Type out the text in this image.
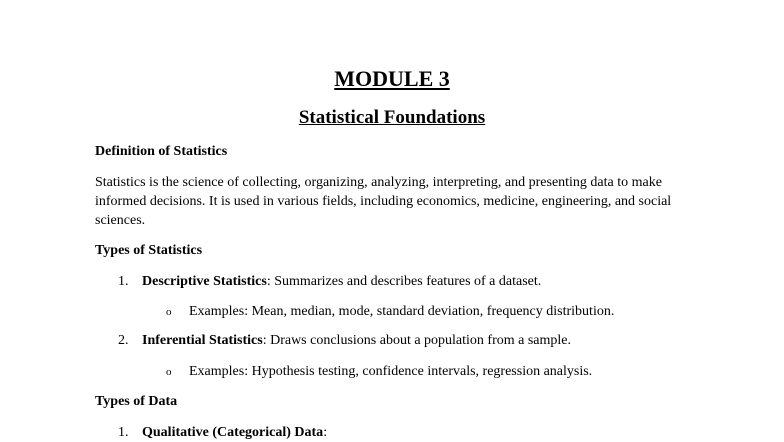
MODULE 3
Statistical Foundations
Definition of Statistics
Statistics is the science of collecting, organizing, analyzing, interpreting, and presenting data to make informed decisions. It is used in various fields, including economics, medicine, engineering, and social sciences.
Types of Statistics
1. Descriptive Statistics: Summarizes and describes features of a dataset.
o Examples: Mean, median, mode, standard deviation, frequency distribution.
2. Inferential Statistics: Draws conclusions about a population from a sample.
o Examples: Hypothesis testing, confidence intervals, regression analysis.
Types of Data
1. Qualitative (Categorical) Data:
